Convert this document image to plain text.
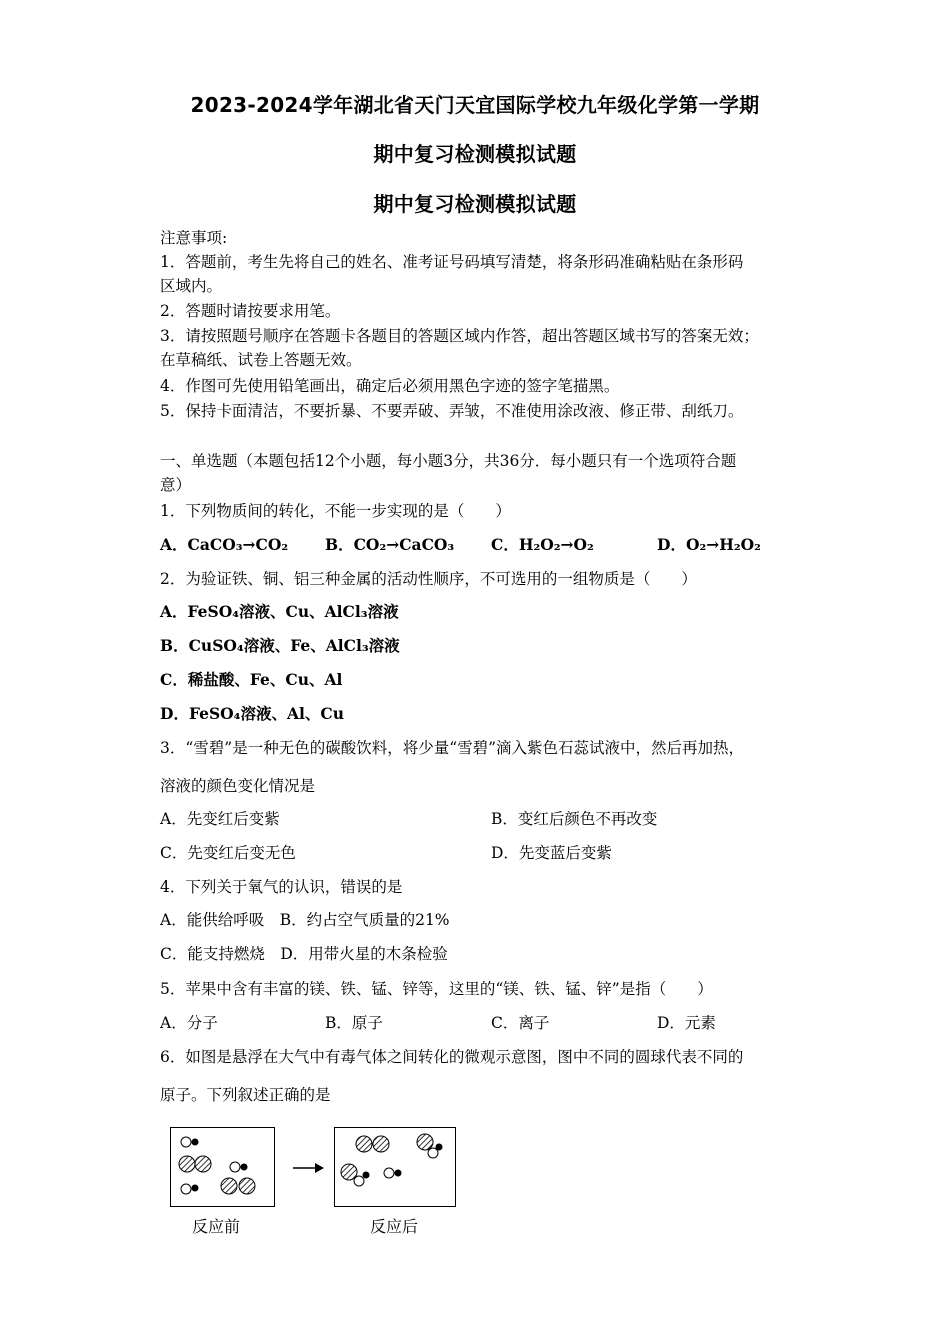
2023-2024学年湖北省天门天宜国际学校九年级化学第一学期
期中复习检测模拟试题
期中复习检测模拟试题
注意事项:
1．答题前，考生先将自己的姓名、准考证号码填写清楚，将条形码准确粘贴在条形码
区域内。
2．答题时请按要求用笔。
3．请按照题号顺序在答题卡各题目的答题区域内作答，超出答题区域书写的答案无效；
在草稿纸、试卷上答题无效。
4．作图可先使用铅笔画出，确定后必须用黑色字迹的签字笔描黑。
5．保持卡面清洁，不要折暴、不要弄破、弄皱，不准使用涂改液、修正带、刮纸刀。
一、单选题（本题包括12个小题，每小题3分，共36分．每小题只有一个选项符合题
意）
1．下列物质间的转化，不能一步实现的是（　　）
A．CaCO₃→CO₂ B．CO₂→CaCO₃ C．H₂O₂→O₂	D．O₂→H₂O₂
2．为验证铁、铜、铝三种金属的活动性顺序，不可选用的一组物质是（　　）
A．FeSO₄溶液、Cu、AlCl₃溶液
B．CuSO₄溶液、Fe、AlCl₃溶液
C．稀盐酸、Fe、Cu、Al
D．FeSO₄溶液、Al、Cu
3．“雪碧”是一种无色的碳酸饮料，将少量“雪碧”滴入紫色石蕊试液中，然后再加热，
溶液的颜色变化情况是
A．先变红后变紫	B．变红后颜色不再改变
C．先变红后变无色	D．先变蓝后变紫
4．下列关于氧气的认识，错误的是
A．能供给呼吸　B．约占空气质量的21%
C．能支持燃烧　D．用带火星的木条检验
5．苹果中含有丰富的镁、铁、锰、锌等，这里的“镁、铁、锰、锌”是指（　　）
A．分子	B．原子	C．离子	D．元素
6．如图是悬浮在大气中有毒气体之间转化的微观示意图，图中不同的圆球代表不同的
原子。下列叙述正确的是
反应前	反应后
